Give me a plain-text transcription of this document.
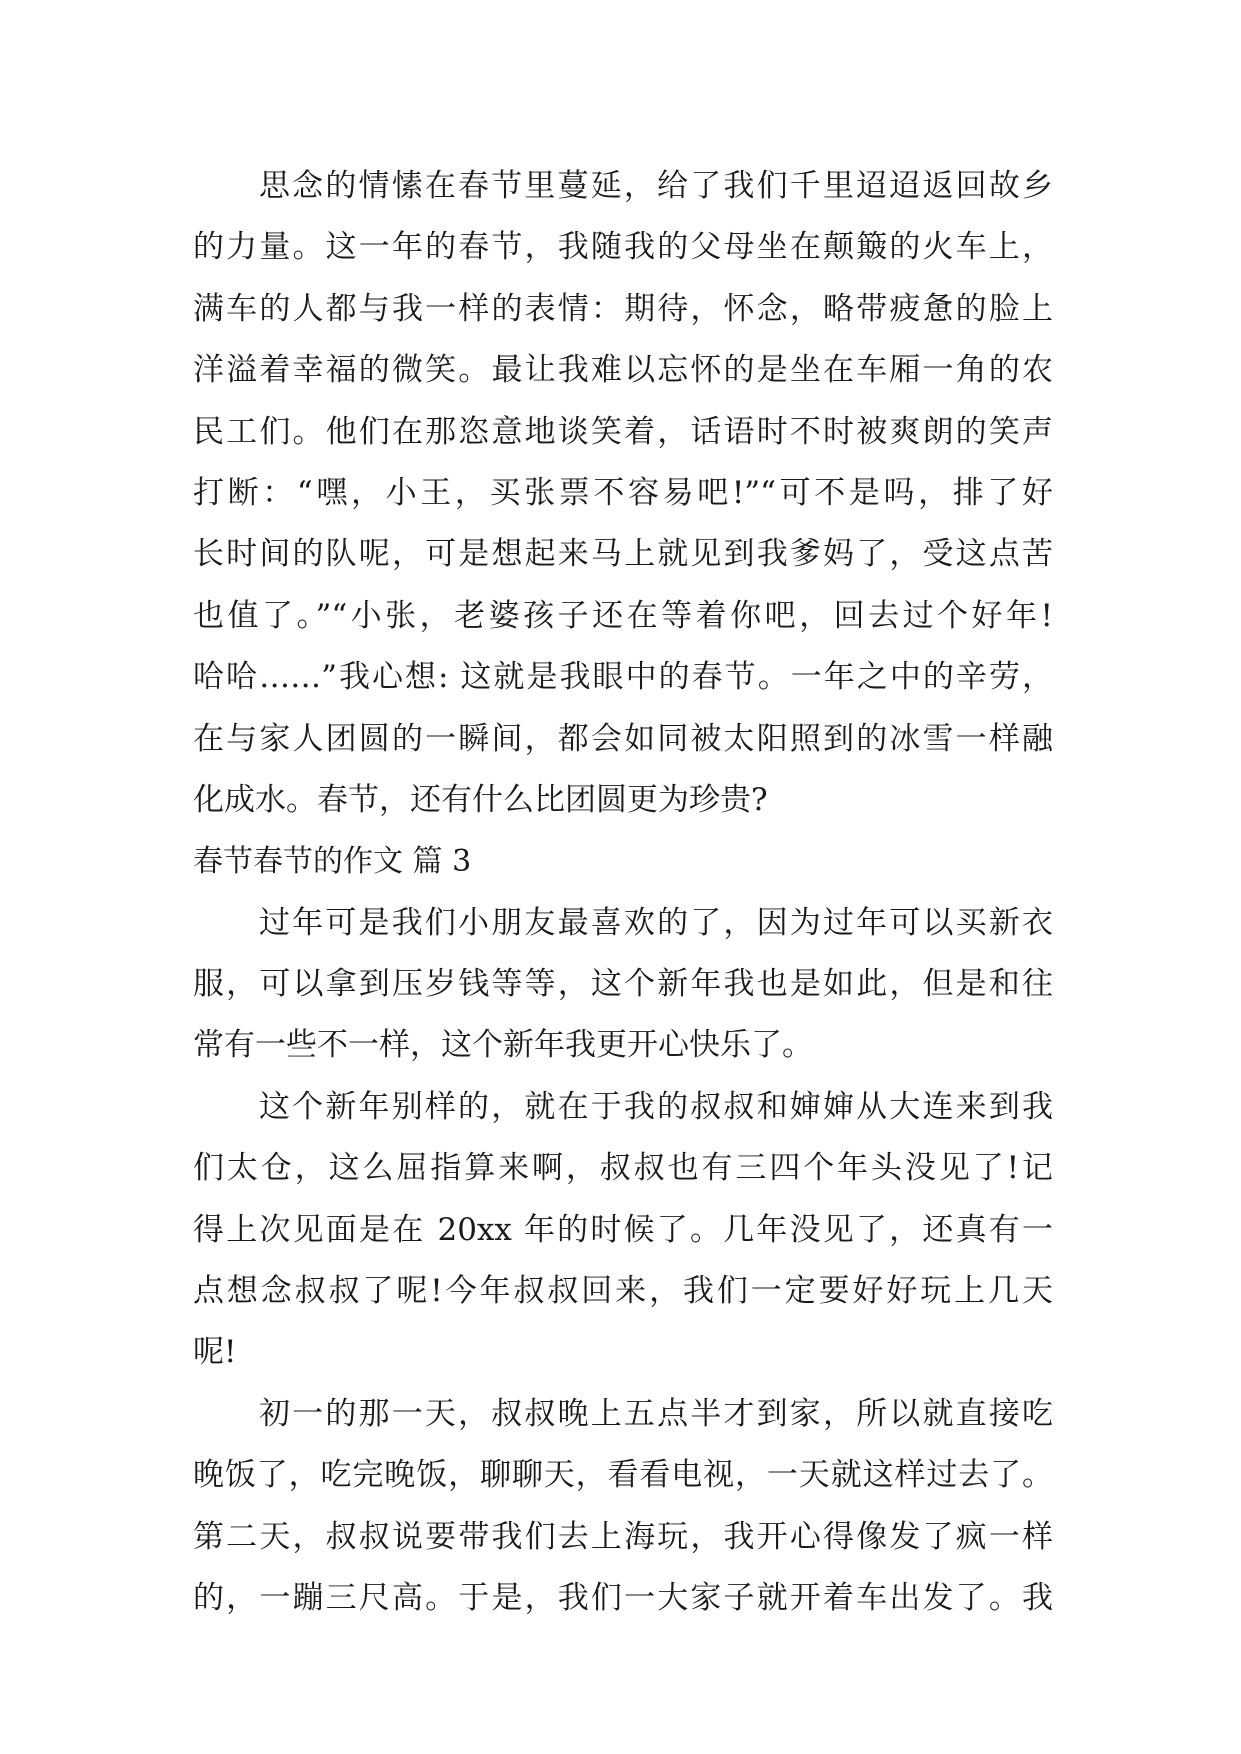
思念的情愫在春节里蔓延，给了我们千里迢迢返回故乡
的力量。这一年的春节，我随我的父母坐在颠簸的火车上，
满车的人都与我一样的表情：期待，怀念，略带疲惫的脸上
洋溢着幸福的微笑。最让我难以忘怀的是坐在车厢一角的农
民工们。他们在那恣意地谈笑着，话语时不时被爽朗的笑声
打断：“嘿，小王，买张票不容易吧!”“可不是吗，排了好
长时间的队呢，可是想起来马上就见到我爹妈了，受这点苦
也值了。”“小张，老婆孩子还在等着你吧，回去过个好年!
哈哈……”我心想: 这就是我眼中的春节。一年之中的辛劳，
在与家人团圆的一瞬间，都会如同被太阳照到的冰雪一样融
化成水。春节，还有什么比团圆更为珍贵?
春节春节的作文 篇 3
过年可是我们小朋友最喜欢的了，因为过年可以买新衣
服，可以拿到压岁钱等等，这个新年我也是如此，但是和往
常有一些不一样，这个新年我更开心快乐了。
这个新年别样的，就在于我的叔叔和婶婶从大连来到我
们太仓，这么屈指算来啊，叔叔也有三四个年头没见了!记
得上次见面是在 20xx 年的时候了。几年没见了，还真有一
点想念叔叔了呢!今年叔叔回来，我们一定要好好玩上几天
呢!
初一的那一天，叔叔晚上五点半才到家，所以就直接吃
晚饭了，吃完晚饭，聊聊天，看看电视，一天就这样过去了。
第二天，叔叔说要带我们去上海玩，我开心得像发了疯一样
的，一蹦三尺高。于是，我们一大家子就开着车出发了。我
